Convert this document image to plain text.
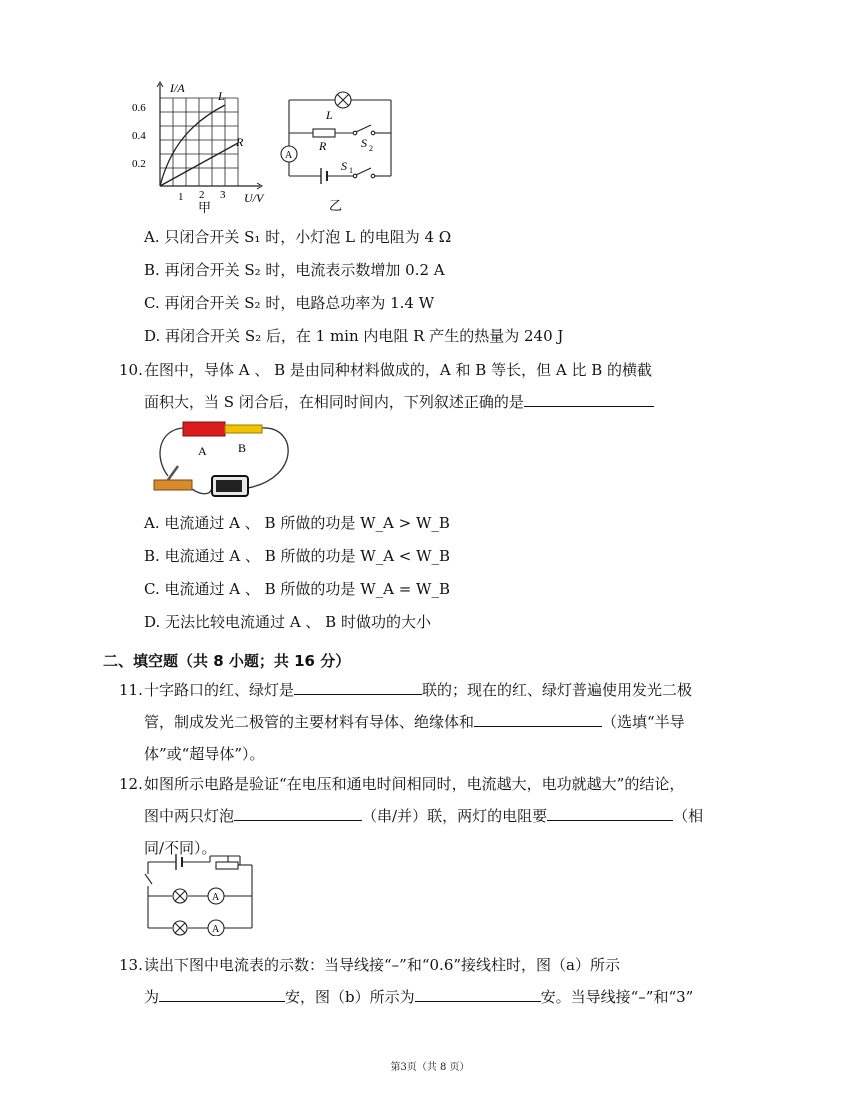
I/A
0.6
0.4
0.2
1 2 3 U/V
L
R
甲
L
R	S 2
S 1
A
乙
A. 只闭合开关 S₁ 时，小灯泡 L 的电阻为 4 Ω
B. 再闭合开关 S₂ 时，电流表示数增加 0.2 A
C. 再闭合开关 S₂ 时，电路总功率为 1.4 W
D. 再闭合开关 S₂ 后，在 1 min 内电阻 R 产生的热量为 240 J
10. 在图中，导体 A 、 B 是由同种材料做成的，A 和 B 等长，但 A 比 B 的横截
面积大，当 S 闭合后，在相同时间内，下列叙述正确的是
A	B
A. 电流通过 A 、 B 所做的功是 W_A > W_B
B. 电流通过 A 、 B 所做的功是 W_A < W_B
C. 电流通过 A 、 B 所做的功是 W_A = W_B
D. 无法比较电流通过 A 、 B 时做功的大小
二、填空题（共 8 小题；共 16 分）
11. 十字路口的红、绿灯是	联的；现在的红、绿灯普遍使用发光二极
管，制成发光二极管的主要材料有导体、绝缘体和	（选填“半导
体”或“超导体”）。
12. 如图所示电路是验证“在电压和通电时间相同时，电流越大，电功就越大”的结论，
图中两只灯泡	（串/并）联，两灯的电阻要	（相
同/不同）。
A
A
13. 读出下图中电流表的示数：当导线接“–”和“0.6”接线柱时，图（a）所示
为	安，图（b）所示为	安。当导线接“–”和“3”
第3页（共 8 页）
